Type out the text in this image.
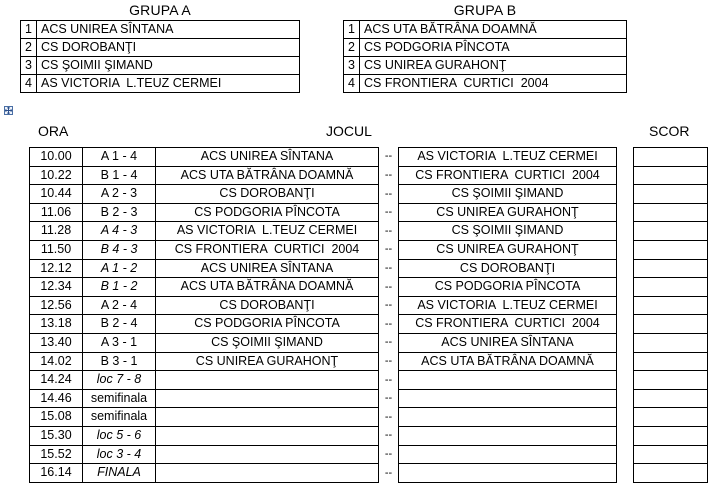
GRUPA A
1	ACS UNIREA SÎNTANA
2	CS DOROBANŢI
3	CS ŞOIMII ŞIMAND
4	AS VICTORIA  L.TEUZ CERMEI
GRUPA B
1	ACS UTA BĂTRÂNA DOAMNĂ
2	CS PODGORIA PÎNCOTA
3	CS UNIREA GURAHONŢ
4	CS FRONTIERA  CURTICI  2004
ORA	JOCUL	SCOR
10.00	A 1 - 4	ACS UNIREA SÎNTANA	--	AS VICTORIA  L.TEUZ CERMEI		
10.22	B 1 - 4	ACS UTA BĂTRÂNA DOAMNĂ	--	CS FRONTIERA  CURTICI  2004		
10.44	A 2 - 3	CS DOROBANŢI	--	CS ŞOIMII ŞIMAND		
11.06	B 2 - 3	CS PODGORIA PÎNCOTA	--	CS UNIREA GURAHONŢ		
11.28	A 4 - 3	AS VICTORIA  L.TEUZ CERMEI	--	CS ŞOIMII ŞIMAND		
11.50	B 4 - 3	CS FRONTIERA  CURTICI  2004	--	CS UNIREA GURAHONŢ		
12.12	A 1 - 2	ACS UNIREA SÎNTANA	--	CS DOROBANŢI		
12.34	B 1 - 2	ACS UTA BĂTRÂNA DOAMNĂ	--	CS PODGORIA PÎNCOTA		
12.56	A 2 - 4	CS DOROBANŢI	--	AS VICTORIA  L.TEUZ CERMEI		
13.18	B 2 - 4	CS PODGORIA PÎNCOTA	--	CS FRONTIERA  CURTICI  2004		
13.40	A 3 - 1	CS ŞOIMII ŞIMAND	--	ACS UNIREA SÎNTANA		
14.02	B 3 - 1	CS UNIREA GURAHONŢ	--	ACS UTA BĂTRÂNA DOAMNĂ		
14.24	loc 7 - 8		--			
14.46	semifinala		--			
15.08	semifinala		--			
15.30	loc 5 - 6		--			
15.52	loc 3 - 4		--			
16.14	FINALA		--			
